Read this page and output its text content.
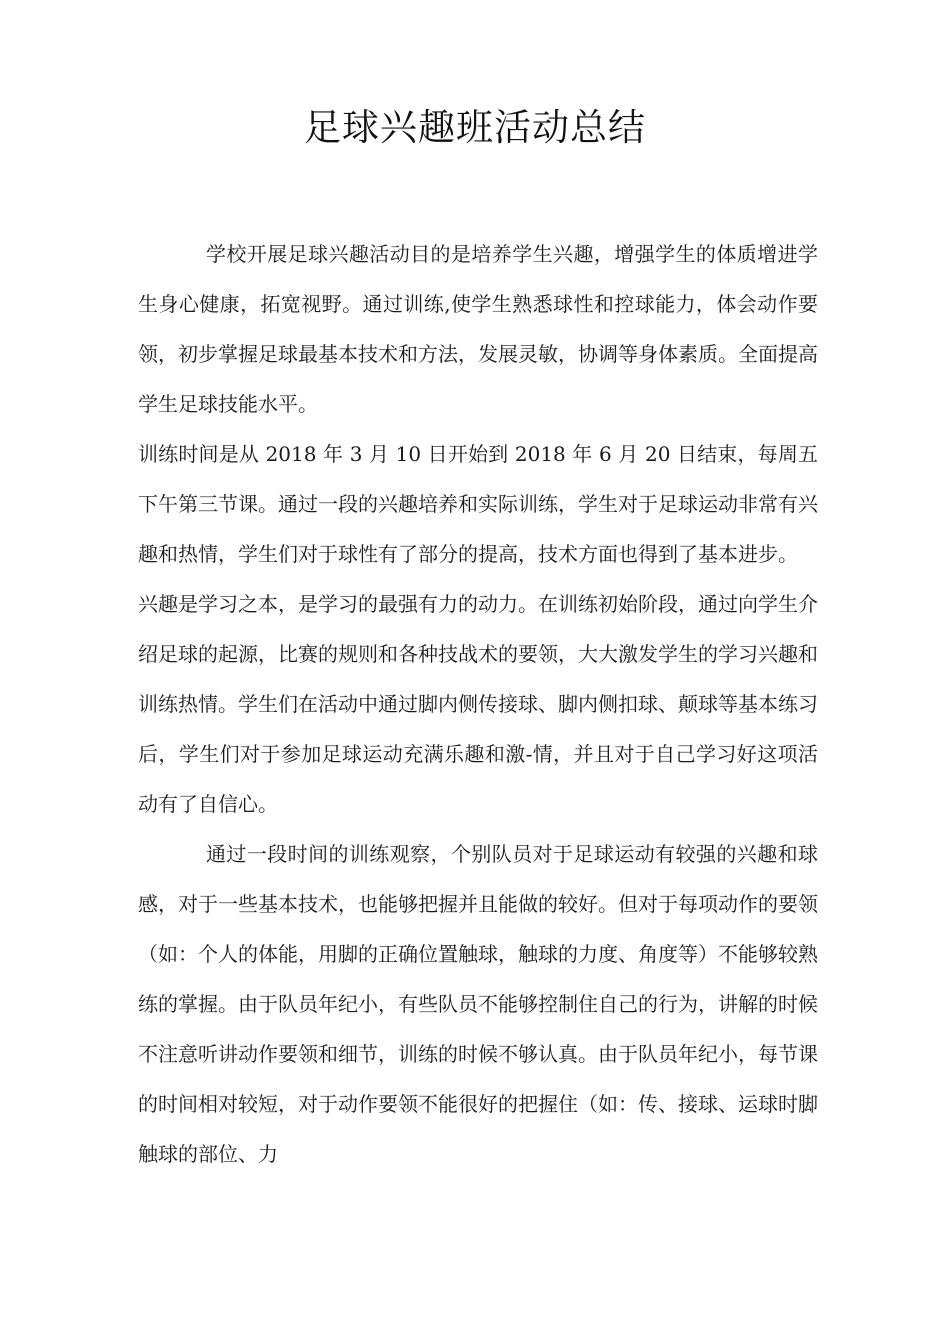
足球兴趣班活动总结

学校开展足球兴趣活动目的是培养学生兴趣，增强学生的体质增进学生身心健康，拓宽视野。通过训练,使学生熟悉球性和控球能力，体会动作要领，初步掌握足球最基本技术和方法，发展灵敏，协调等身体素质。全面提高学生足球技能水平。

训练时间是从 2018 年 3 月 10 日开始到 2018 年 6 月 20 日结束，每周五下午第三节课。通过一段的兴趣培养和实际训练，学生对于足球运动非常有兴趣和热情，学生们对于球性有了部分的提高，技术方面也得到了基本进步。

兴趣是学习之本，是学习的最强有力的动力。在训练初始阶段，通过向学生介绍足球的起源，比赛的规则和各种技战术的要领，大大激发学生的学习兴趣和训练热情。学生们在活动中通过脚内侧传接球、脚内侧扣球、颠球等基本练习后，学生们对于参加足球运动充满乐趣和激-情，并且对于自己学习好这项活动有了自信心。

通过一段时间的训练观察，个别队员对于足球运动有较强的兴趣和球感，对于一些基本技术，也能够把握并且能做的较好。但对于每项动作的要领（如：个人的体能，用脚的正确位置触球，触球的力度、角度等）不能够较熟练的掌握。由于队员年纪小，有些队员不能够控制住自己的行为，讲解的时候不注意听讲动作要领和细节，训练的时候不够认真。由于队员年纪小，每节课的时间相对较短，对于动作要领不能很好的把握住（如：传、接球、运球时脚触球的部位、力
